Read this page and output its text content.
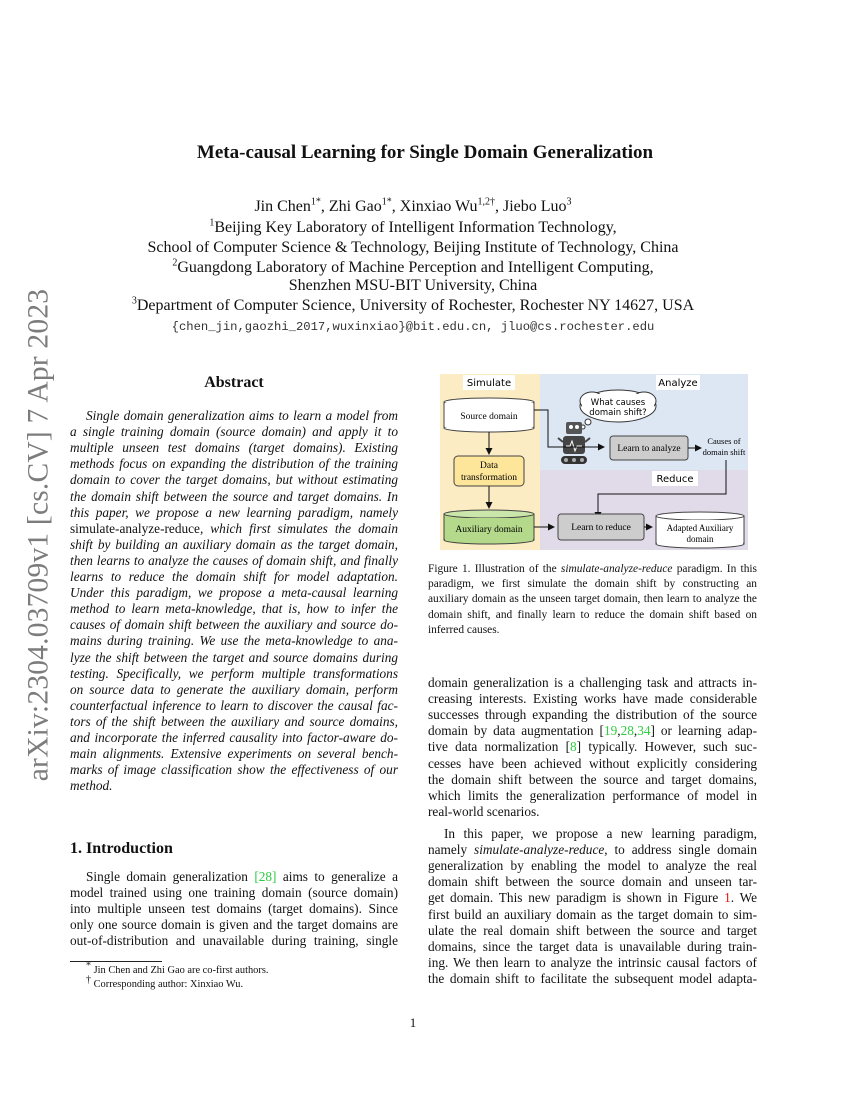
arXiv:2304.03709v1 [cs.CV] 7 Apr 2023
Meta-causal Learning for Single Domain Generalization
Jin Chen$^{1*}$, Zhi Gao$^{1*}$, Xinxiao $Wu^{1,2\dagger}$, Jiebo Luo$^3$
$^1$Beijing Key Laboratory of Intelligent Information Technology,
School of Computer Science & Technology, Beijing Institute of Technology, China
$^2$Guangdong Laboratory of Machine Perception and Intelligent Computing,
Shenzhen MSU-BIT University, China
$^3$Department of Computer Science, University of Rochester, Rochester NY 14627, USA
{chen_jin,gaozhi_2017,wuxinxiao}@bit.edu.cn, jluo@cs.rochester.edu
Abstract
Single domain generalization aims to learn a model from
a single training domain (source domain) and apply it to
multiple unseen test domains (target domains). Existing
methods focus on expanding the distribution of the training
domain to cover the target domains, but without estimating
the domain shift between the source and target domains. In
this paper, we propose a new learning paradigm, namely
simulate-analyze-reduce, which first simulates the domain
shift by building an auxiliary domain as the target domain,
then learns to analyze the causes of domain shift, and finally
learns to reduce the domain shift for model adaptation.
Under this paradigm, we propose a meta-causal learning
method to learn meta-knowledge, that is, how to infer the
causes of domain shift between the auxiliary and source do-
mains during training. We use the meta-knowledge to ana-
lyze the shift between the target and source domains during
testing. Specifically, we perform multiple transformations
on source data to generate the auxiliary domain, perform
counterfactual inference to learn to discover the causal fac-
tors of the shift between the auxiliary and source domains,
and incorporate the inferred causality into factor-aware do-
main alignments. Extensive experiments on several bench-
marks of image classification show the effectiveness of our
method.
1. Introduction
Single domain generalization [28] aims to generalize a
model trained using one training domain (source domain)
into multiple unseen test domains (target domains). Since
only one source domain is given and the target domains are
out-of-distribution and unavailable during training, single
* Jin Chen and Zhi Gao are co-first authors.
† Corresponding author: Xinxiao Wu.
Simulate	Analyze
Reduce
Source domain
Data
transformation
Auxiliary domain
What causes
domain shift?
Learn to analyze
Causes of
domain shift
Learn to reduce	Adapted Auxiliary
domain
Figure 1. Illustration of the simulate-analyze-reduce paradigm. In this paradigm, we first simulate the domain shift by constructing an auxiliary domain as the unseen target domain, then learn to analyze the domain shift, and finally learn to reduce the domain shift based on inferred causes.
domain generalization is a challenging task and attracts in-
creasing interests. Existing works have made considerable
successes through expanding the distribution of the source
domain by data augmentation [19,28,34] or learning adap-
tive data normalization [8] typically. However, such suc-
cesses have been achieved without explicitly considering
the domain shift between the source and target domains,
which limits the generalization performance of model in
real-world scenarios.
In this paper, we propose a new learning paradigm,
namely simulate-analyze-reduce, to address single domain
generalization by enabling the model to analyze the real
domain shift between the source domain and unseen tar-
get domain. This new paradigm is shown in Figure 1. We
first build an auxiliary domain as the target domain to sim-
ulate the real domain shift between the source and target
domains, since the target data is unavailable during train-
ing. We then learn to analyze the intrinsic causal factors of
the domain shift to facilitate the subsequent model adapta-
1
